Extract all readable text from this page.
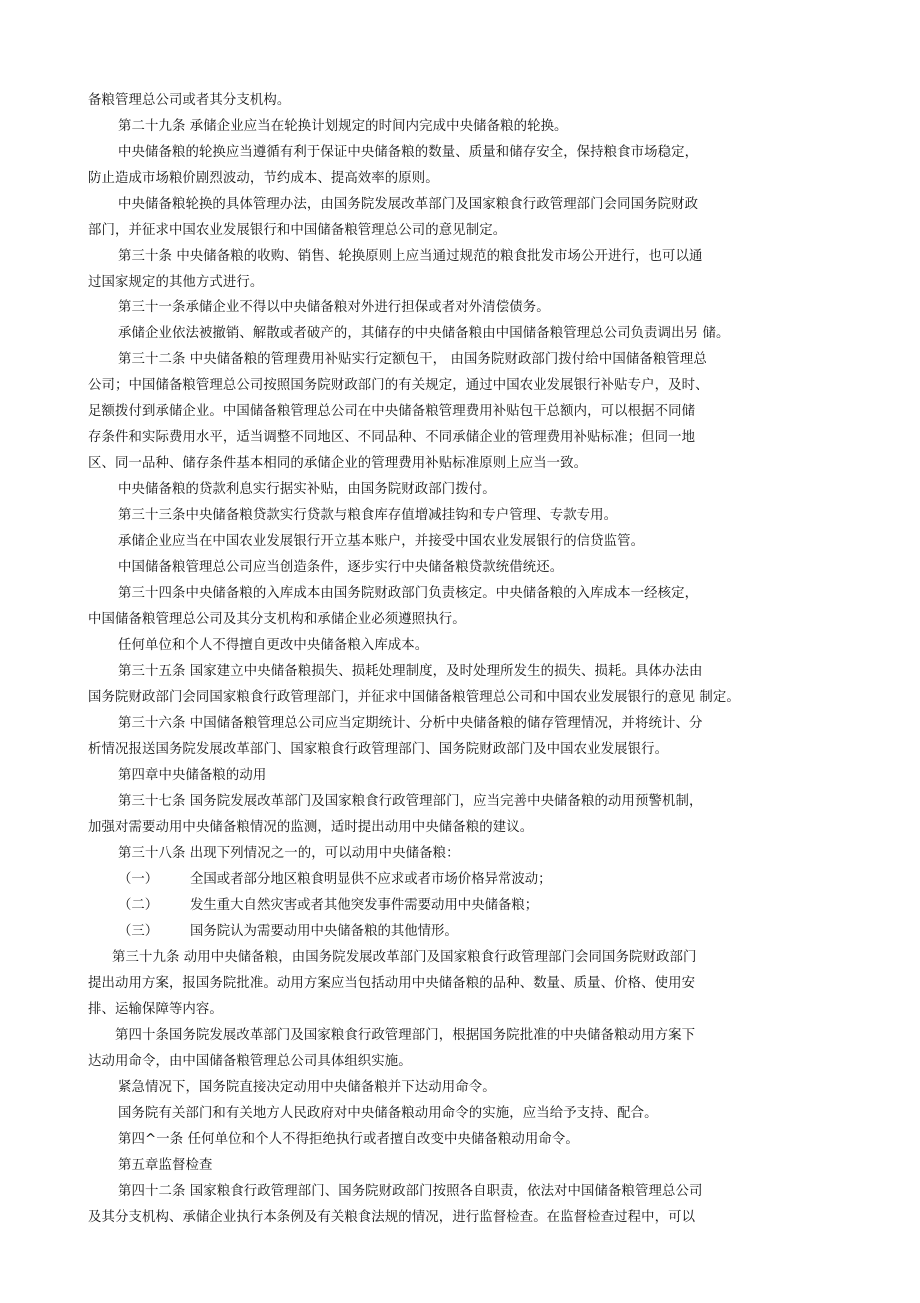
备粮管理总公司或者其分支机构。
第二十九条 承储企业应当在轮换计划规定的时间内完成中央储备粮的轮换。
中央储备粮的轮换应当遵循有利于保证中央储备粮的数量、质量和储存安全，保持粮食市场稳定，
防止造成市场粮价剧烈波动，节约成本、提高效率的原则。
中央储备粮轮换的具体管理办法，由国务院发展改革部门及国家粮食行政管理部门会同国务院财政
部门，并征求中国农业发展银行和中国储备粮管理总公司的意见制定。
第三十条 中央储备粮的收购、销售、轮换原则上应当通过规范的粮食批发市场公开进行，也可以通
过国家规定的其他方式进行。
第三十一条承储企业不得以中央储备粮对外进行担保或者对外清偿债务。
承储企业依法被撤销、解散或者破产的，其储存的中央储备粮由中国储备粮管理总公司负责调出另 储。
第三十二条 中央储备粮的管理费用补贴实行定额包干， 由国务院财政部门拨付给中国储备粮管理总
公司；中国储备粮管理总公司按照国务院财政部门的有关规定，通过中国农业发展银行补贴专户，及时、
足额拨付到承储企业。中国储备粮管理总公司在中央储备粮管理费用补贴包干总额内，可以根据不同储
存条件和实际费用水平，适当调整不同地区、不同品种、不同承储企业的管理费用补贴标准；但同一地
区、同一品种、储存条件基本相同的承储企业的管理费用补贴标准原则上应当一致。
中央储备粮的贷款利息实行据实补贴，由国务院财政部门拨付。
第三十三条中央储备粮贷款实行贷款与粮食库存值增减挂钩和专户管理、专款专用。
承储企业应当在中国农业发展银行开立基本账户，并接受中国农业发展银行的信贷监管。
中国储备粮管理总公司应当创造条件，逐步实行中央储备粮贷款统借统还。
第三十四条中央储备粮的入库成本由国务院财政部门负责核定。中央储备粮的入库成本一经核定，
中国储备粮管理总公司及其分支机构和承储企业必须遵照执行。
任何单位和个人不得擅自更改中央储备粮入库成本。
第三十五条 国家建立中央储备粮损失、损耗处理制度，及时处理所发生的损失、损耗。具体办法由
国务院财政部门会同国家粮食行政管理部门，并征求中国储备粮管理总公司和中国农业发展银行的意见 制定。
第三十六条 中国储备粮管理总公司应当定期统计、分析中央储备粮的储存管理情况，并将统计、分
析情况报送国务院发展改革部门、国家粮食行政管理部门、国务院财政部门及中国农业发展银行。
第四章中央储备粮的动用
第三十七条 国务院发展改革部门及国家粮食行政管理部门，应当完善中央储备粮的动用预警机制，
加强对需要动用中央储备粮情况的监测，适时提出动用中央储备粮的建议。
第三十八条 出现下列情况之一的，可以动用中央储备粮：
（一） 全国或者部分地区粮食明显供不应求或者市场价格异常波动；
（二） 发生重大自然灾害或者其他突发事件需要动用中央储备粮；
（三） 国务院认为需要动用中央储备粮的其他情形。
第三十九条 动用中央储备粮，由国务院发展改革部门及国家粮食行政管理部门会同国务院财政部门
提出动用方案，报国务院批准。动用方案应当包括动用中央储备粮的品种、数量、质量、价格、使用安
排、运输保障等内容。
第四十条国务院发展改革部门及国家粮食行政管理部门，根据国务院批准的中央储备粮动用方案下
达动用命令，由中国储备粮管理总公司具体组织实施。
紧急情况下，国务院直接决定动用中央储备粮并下达动用命令。
国务院有关部门和有关地方人民政府对中央储备粮动用命令的实施，应当给予支持、配合。
第四^一条 任何单位和个人不得拒绝执行或者擅自改变中央储备粮动用命令。
第五章监督检查
第四十二条 国家粮食行政管理部门、国务院财政部门按照各自职责，依法对中国储备粮管理总公司
及其分支机构、承储企业执行本条例及有关粮食法规的情况，进行监督检查。在监督检查过程中，可以
